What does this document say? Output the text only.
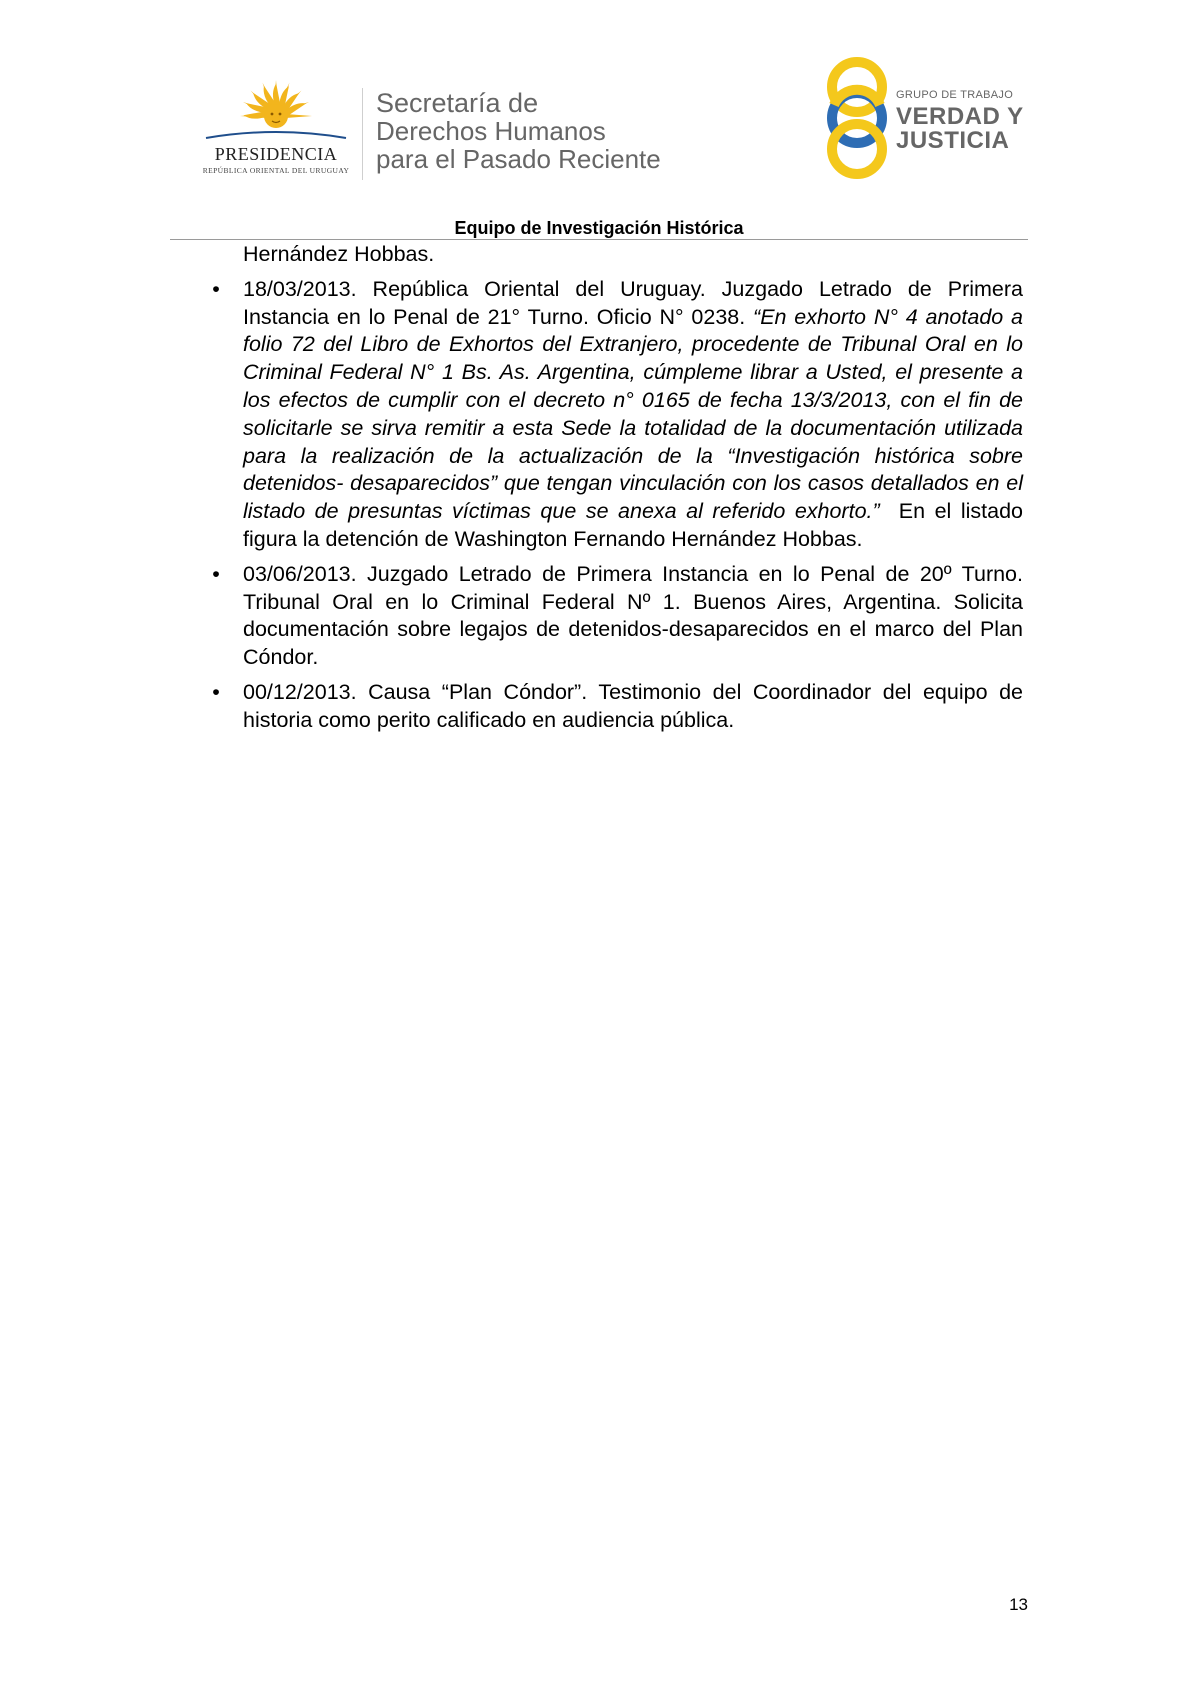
PRESIDENCIA
REPÚBLICA ORIENTAL DEL URUGUAY
Secretaría de
Derechos Humanos
para el Pasado Reciente
GRUPO DE TRABAJO
VERDAD Y
JUSTICIA
Equipo de Investigación Histórica

Hernández Hobbas.

• 18/03/2013. República Oriental del Uruguay. Juzgado Letrado de Primera Instancia en lo Penal de 21° Turno. Oficio N° 0238. “En exhorto N° 4 anotado a folio 72 del Libro de Exhortos del Extranjero, procedente de Tribunal Oral en lo Criminal Federal N° 1 Bs. As. Argentina, cúmpleme librar a Usted, el presente a los efectos de cumplir con el decreto n° 0165 de fecha 13/3/2013, con el fin de solicitarle se sirva remitir a esta Sede la totalidad de la documentación utilizada para la realización de la actualización de la “Investigación histórica sobre detenidos- desaparecidos” que tengan vinculación con los casos detallados en el listado de presuntas víctimas que se anexa al referido exhorto.”  En el listado figura la detención de Washington Fernando Hernández Hobbas.
• 03/06/2013. Juzgado Letrado de Primera Instancia en lo Penal de 20º Turno. Tribunal Oral en lo Criminal Federal Nº 1. Buenos Aires, Argentina. Solicita documentación sobre legajos de detenidos-desaparecidos en el marco del Plan Cóndor.
• 00/12/2013. Causa “Plan Cóndor”. Testimonio del Coordinador del equipo de historia como perito calificado en audiencia pública.
13
